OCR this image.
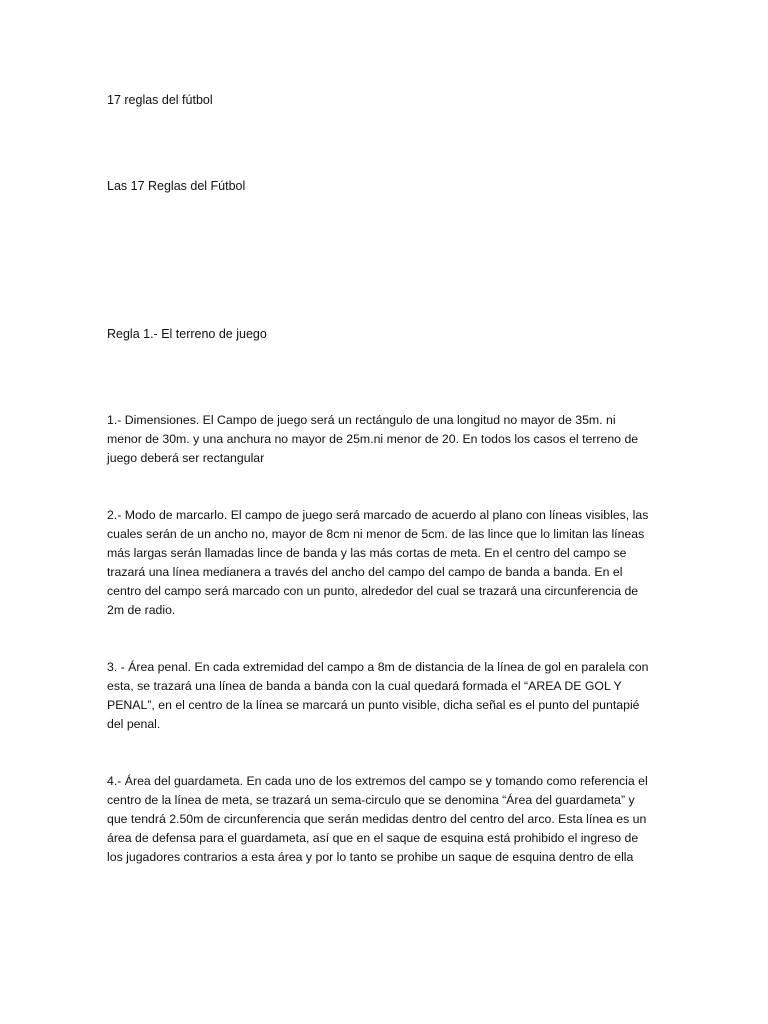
17 reglas del fútbol

Las 17 Reglas del Fútbol

Regla 1.- El terreno de juego

1.- Dimensiones. El Campo de juego será un rectángulo de una longitud no mayor de 35m. ni
menor de 30m. y una anchura no mayor de 25m.ni menor de 20. En todos los casos el terreno de
juego deberá ser rectangular
2.- Modo de marcarlo. El campo de juego será marcado de acuerdo al plano con líneas visibles, las
cuales serán de un ancho no, mayor de 8cm ni menor de 5cm. de las lince que lo limitan las líneas
más largas serán llamadas lince de banda y las más cortas de meta. En el centro del campo se
trazará una línea medianera a través del ancho del campo del campo de banda a banda. En el
centro del campo será marcado con un punto, alrededor del cual se trazará una circunferencia de
2m de radio.
3. - Área penal. En cada extremidad del campo a 8m de distancia de la línea de gol en paralela con
esta, se trazará una línea de banda a banda con la cual quedará formada el “AREA DE GOL Y
PENAL”, en el centro de la línea se marcará un punto visible, dicha señal es el punto del puntapié
del penal.
4.- Área del guardameta. En cada uno de los extremos del campo se y tomando como referencia el
centro de la línea de meta, se trazará un sema-circulo que se denomina “Área del guardameta” y
que tendrá 2.50m de circunferencia que serán medidas dentro del centro del arco. Esta línea es un
área de defensa para el guardameta, así que en el saque de esquina está prohibido el ingreso de
los jugadores contrarios a esta área y por lo tanto se prohibe un saque de esquina dentro de ella
